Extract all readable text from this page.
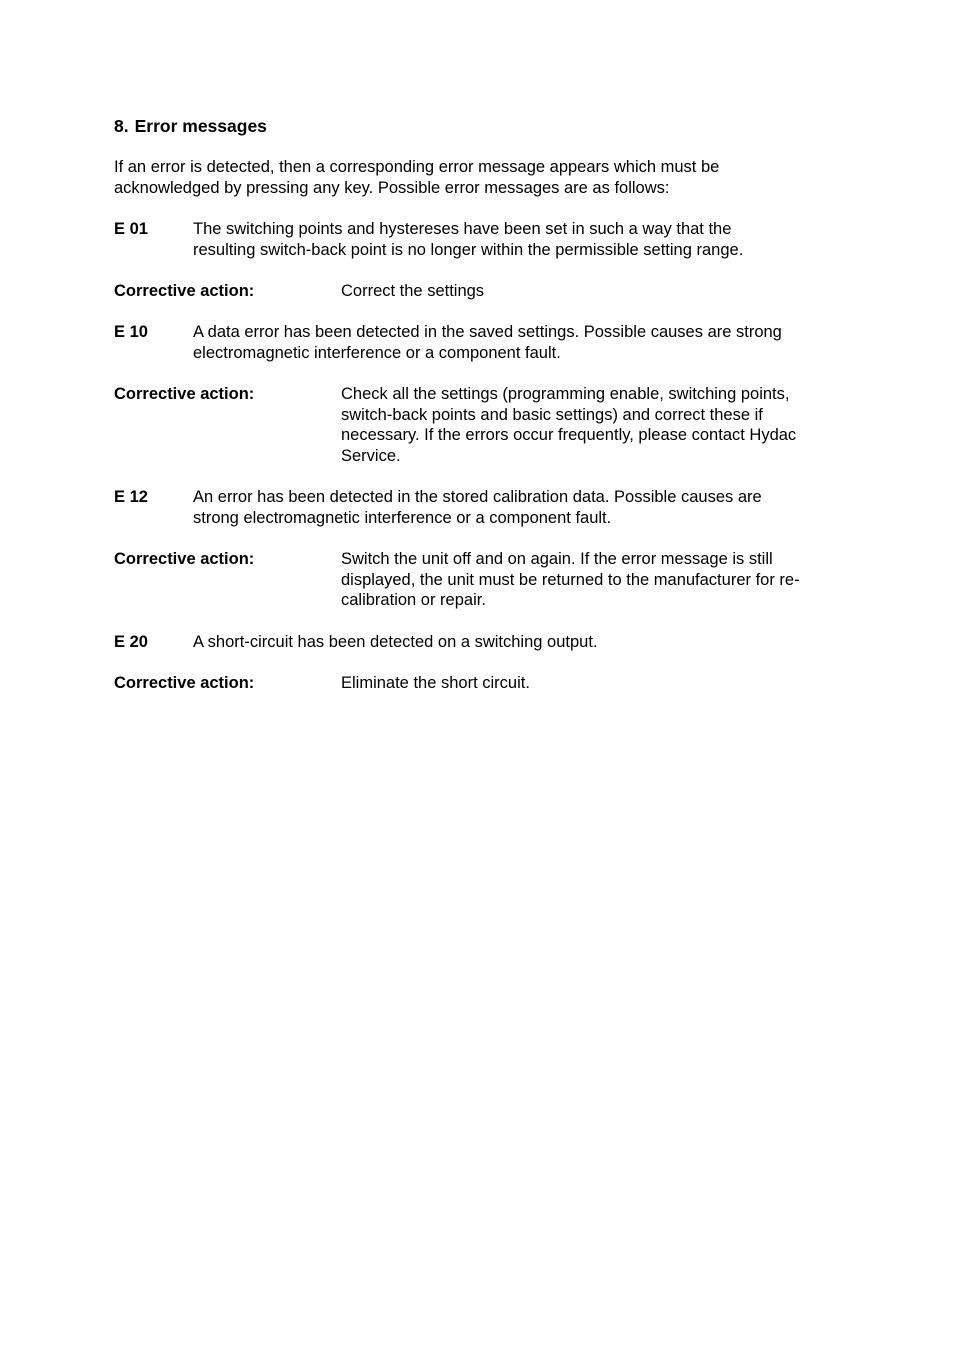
8. Error messages
If an error is detected, then a corresponding error message appears which must be
acknowledged by pressing any key. Possible error messages are as follows:
E 01	The switching points and hystereses have been set in such a way that the
resulting switch-back point is no longer within the permissible setting range.
Corrective action:	Correct the settings
E 10	A data error has been detected in the saved settings. Possible causes are strong
electromagnetic interference or a component fault.
Corrective action:	Check all the settings (programming enable, switching points,
switch-back points and basic settings) and correct these if
necessary. If the errors occur frequently, please contact Hydac
Service.
E 12	An error has been detected in the stored calibration data. Possible causes are
strong electromagnetic interference or a component fault.
Corrective action:	Switch the unit off and on again. If the error message is still
displayed, the unit must be returned to the manufacturer for re-
calibration or repair.
E 20	A short-circuit has been detected on a switching output.
Corrective action:	Eliminate the short circuit.
